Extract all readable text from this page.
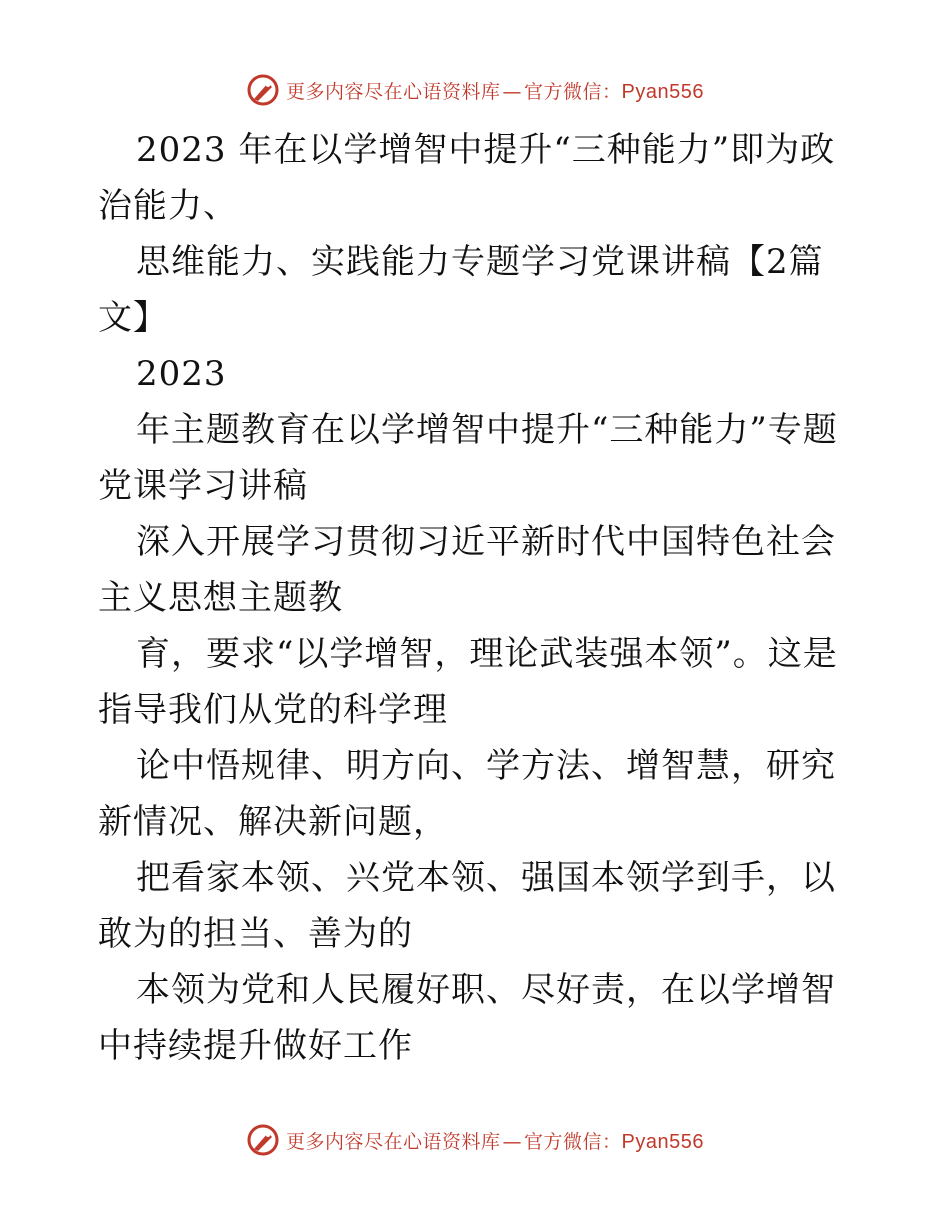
更多内容尽在心语资料库 — 官方微信：Pyan556

2023 年在以学增智中提升“三种能力”即为政治能力、

思维能力、实践能力专题学习党课讲稿【2篇文】

2023

年主题教育在以学增智中提升“三种能力”专题党课学习讲稿

深入开展学习贯彻习近平新时代中国特色社会主义思想主题教

育，要求“以学增智，理论武装强本领”。这是指导我们从党的科学理

论中悟规律、明方向、学方法、增智慧，研究新情况、解决新问题，

把看家本领、兴党本领、强国本领学到手，以敢为的担当、善为的

本领为党和人民履好职、尽好责，在以学增智中持续提升做好工作

更多内容尽在心语资料库 — 官方微信：Pyan556
